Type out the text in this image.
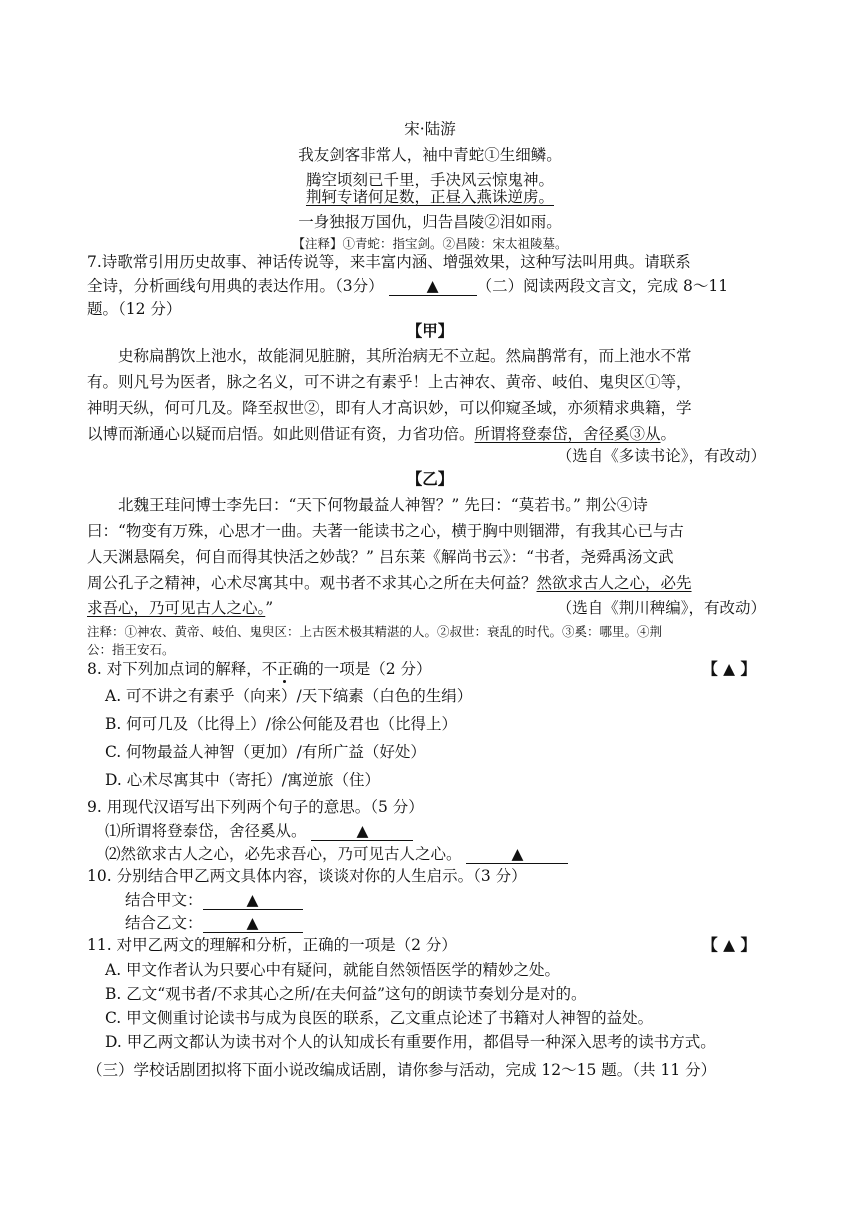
宋·陆游
我友剑客非常人，袖中青蛇①生细鳞。
腾空顷刻已千里，手决风云惊鬼神。
荆轲专诸何足数，正昼入燕诛逆虏。
一身独报万国仇，归告昌陵②泪如雨。
【注释】①青蛇：指宝剑。②昌陵：宋太祖陵墓。
7.诗歌常引用历史故事、神话传说等，来丰富内涵、增强效果，这种写法叫用典。请联系
全诗，分析画线句用典的表达作用。（3分）	▲ （二）阅读两段文言文，完成 8～11
题。（12 分）
【甲】
史称扁鹊饮上池水，故能洞见脏腑，其所治病无不立起。然扁鹊常有，而上池水不常
有。则凡号为医者，脉之名义，可不讲之有素乎！上古神农、黄帝、岐伯、鬼臾区①等，
神明天纵，何可几及。降至叔世②，即有人才高识妙，可以仰窥圣域，亦须精求典籍，学
以博而渐通心以疑而启悟。如此则借证有资，力省功倍。所谓将登泰岱，舍径奚③从。
（选自《多读书论》，有改动）
【乙】
北魏王珪问博士李先曰：“天下何物最益人神智？” 先曰：“莫若书。” 荆公④诗
曰：“物变有万殊，心思才一曲。夫著一能读书之心，横于胸中则锢滞，有我其心已与古
人天渊悬隔矣，何自而得其快活之妙哉？” 吕东莱《解尚书云》：“书者，尧舜禹汤文武
周公孔子之精神，心术尽寓其中。观书者不求其心之所在夫何益？然欲求古人之心，必先
求吾心，乃可见古人之心。”	（选自《荆川稗编》，有改动）
注释：①神农、黄帝、岐伯、鬼臾区：上古医术极其精湛的人。②叔世：衰乱的时代。③奚：哪里。④荆
公：指王安石。
8. 对下列加点词的解释，不正确的一项是（2 分）	【 ▲ 】
A. 可不讲之有素乎（向来）/天下缟素（白色的生绢）
B. 何可几及（比得上）/徐公何能及君也（比得上）
C. 何物最益人神智（更加）/有所广益（好处）
D. 心术尽寓其中（寄托）/寓逆旅（住）
9. 用现代汉语写出下列两个句子的意思。（5 分）
⑴所谓将登泰岱，舍径奚从。	▲
⑵然欲求古人之心，必先求吾心，乃可见古人之心。	▲
10. 分别结合甲乙两文具体内容，谈谈对你的人生启示。（3 分）
结合甲文：	▲
结合乙文：	▲
11. 对甲乙两文的理解和分析，正确的一项是（2 分）	【 ▲ 】
A. 甲文作者认为只要心中有疑问，就能自然领悟医学的精妙之处。
B. 乙文“观书者/不求其心之所/在夫何益”这句的朗读节奏划分是对的。
C. 甲文侧重讨论读书与成为良医的联系，乙文重点论述了书籍对人神智的益处。
D. 甲乙两文都认为读书对个人的认知成长有重要作用，都倡导一种深入思考的读书方式。
（三）学校话剧团拟将下面小说改编成话剧，请你参与活动，完成 12～15 题。（共 11 分）
